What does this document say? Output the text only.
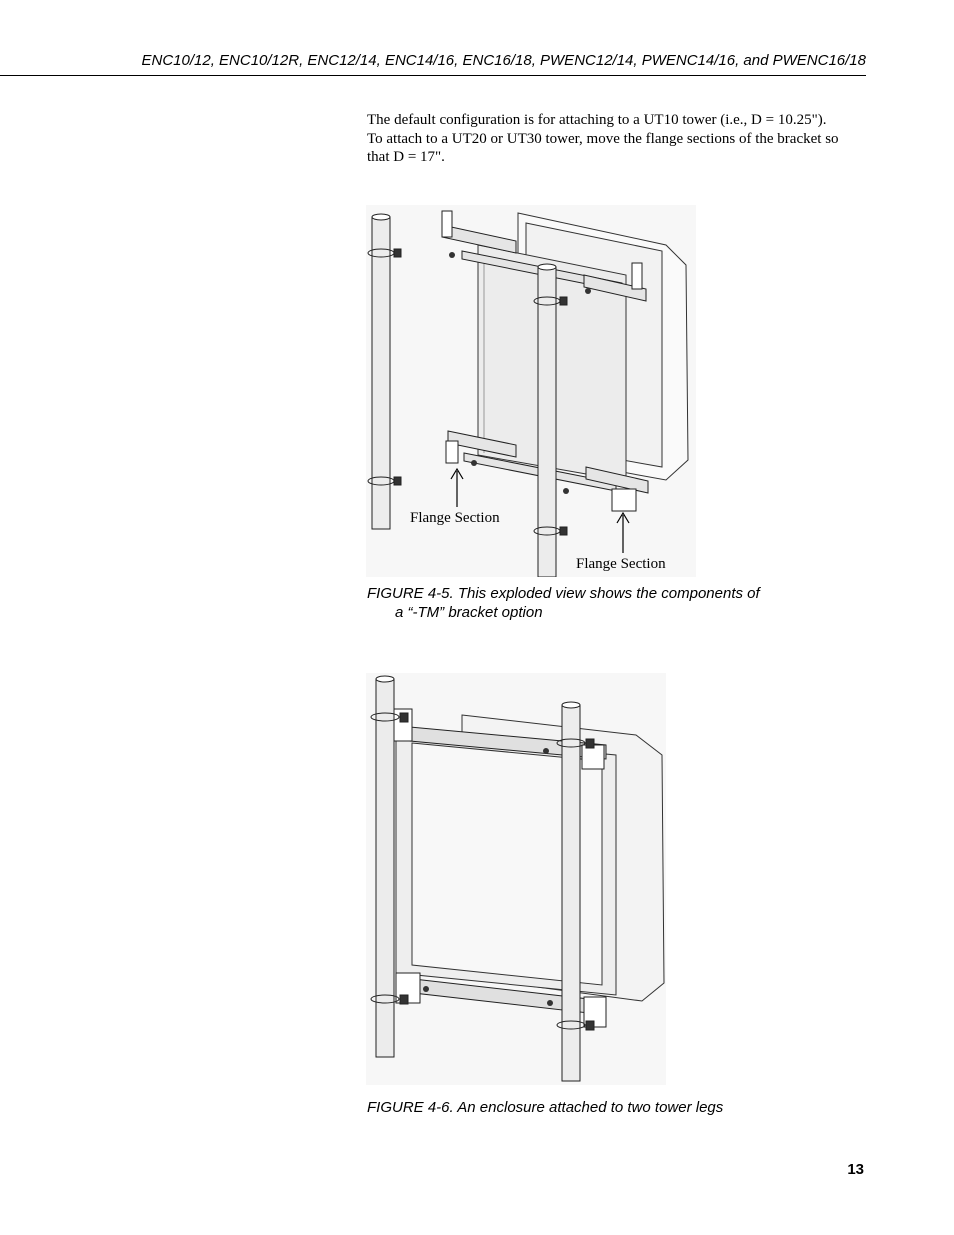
ENC10/12, ENC10/12R, ENC12/14, ENC14/16, ENC16/18, PWENC12/14, PWENC14/16, and PWENC16/18
The default configuration is for attaching to a UT10 tower (i.e., D = 10.25").
To attach to a UT20 or UT30 tower, move the flange sections of the bracket so
that D = 17".
Flange Section
Flange Section
FIGURE 4-5. This exploded view shows the components of
a “-TM” bracket option
FIGURE 4-6. An enclosure attached to two tower legs
13
